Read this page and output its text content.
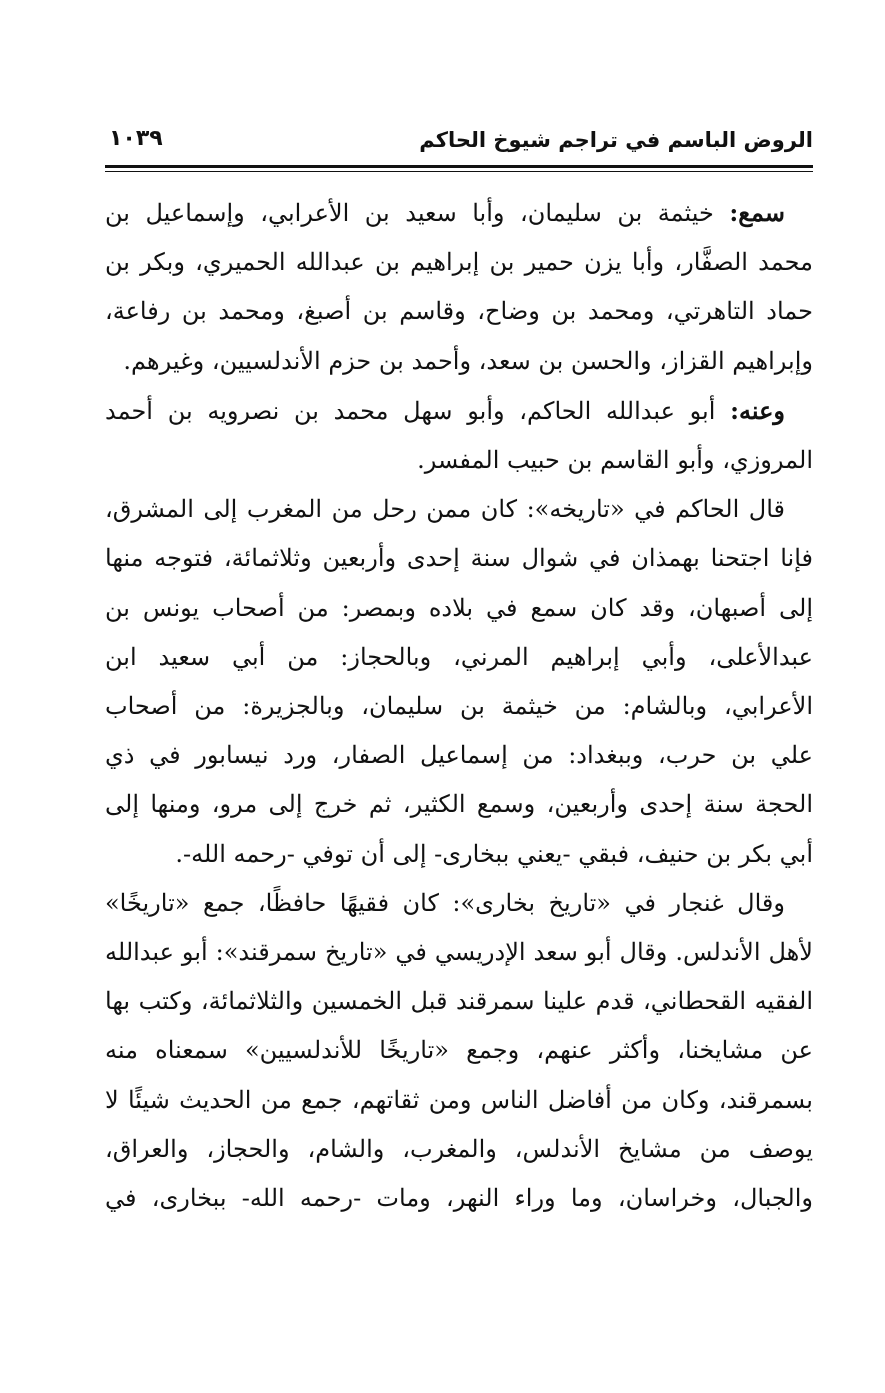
الروض الباسم في تراجم شيوخ الحاكم
١٠٣٩

سمع: خيثمة بن سليمان، وأبا سعيد بن الأعرابي، وإسماعيل بن
محمد الصفَّار، وأبا يزن حمير بن إبراهيم بن عبدالله الحميري، وبكر بن
حماد التاهرتي، ومحمد بن وضاح، وقاسم بن أصبغ، ومحمد بن رفاعة،
وإبراهيم القزاز، والحسن بن سعد، وأحمد بن حزم الأندلسيين، وغيرهم.

وعنه: أبو عبدالله الحاكم، وأبو سهل محمد بن نصرويه بن أحمد
المروزي، وأبو القاسم بن حبيب المفسر.

قال الحاكم في «تاريخه»: كان ممن رحل من المغرب إلى المشرق،
فإنا اجتحنا بهمذان في شوال سنة إحدى وأربعين وثلاثمائة، فتوجه منها
إلى أصبهان، وقد كان سمع في بلاده وبمصر: من أصحاب يونس بن
عبدالأعلى، وأبي إبراهيم المرني، وبالحجاز: من أبي سعيد ابن
الأعرابي، وبالشام: من خيثمة بن سليمان، وبالجزيرة: من أصحاب
علي بن حرب، وببغداد: من إسماعيل الصفار، ورد نيسابور في ذي
الحجة سنة إحدى وأربعين، وسمع الكثير، ثم خرج إلى مرو، ومنها إلى
أبي بكر بن حنيف، فبقي -يعني ببخارى- إلى أن توفي -رحمه الله-.

وقال غنجار في «تاريخ بخارى»: كان فقيهًا حافظًا، جمع «تاريخًا»
لأهل الأندلس. وقال أبو سعد الإدريسي في «تاريخ سمرقند»: أبو عبدالله
الفقيه القحطاني، قدم علينا سمرقند قبل الخمسين والثلاثمائة، وكتب بها
عن مشايخنا، وأكثر عنهم، وجمع «تاريخًا للأندلسيين» سمعناه منه
بسمرقند، وكان من أفاضل الناس ومن ثقاتهم، جمع من الحديث شيئًا لا
يوصف من مشايخ الأندلس، والمغرب، والشام، والحجاز، والعراق،
والجبال، وخراسان، وما وراء النهر، ومات -رحمه الله- ببخارى، في
